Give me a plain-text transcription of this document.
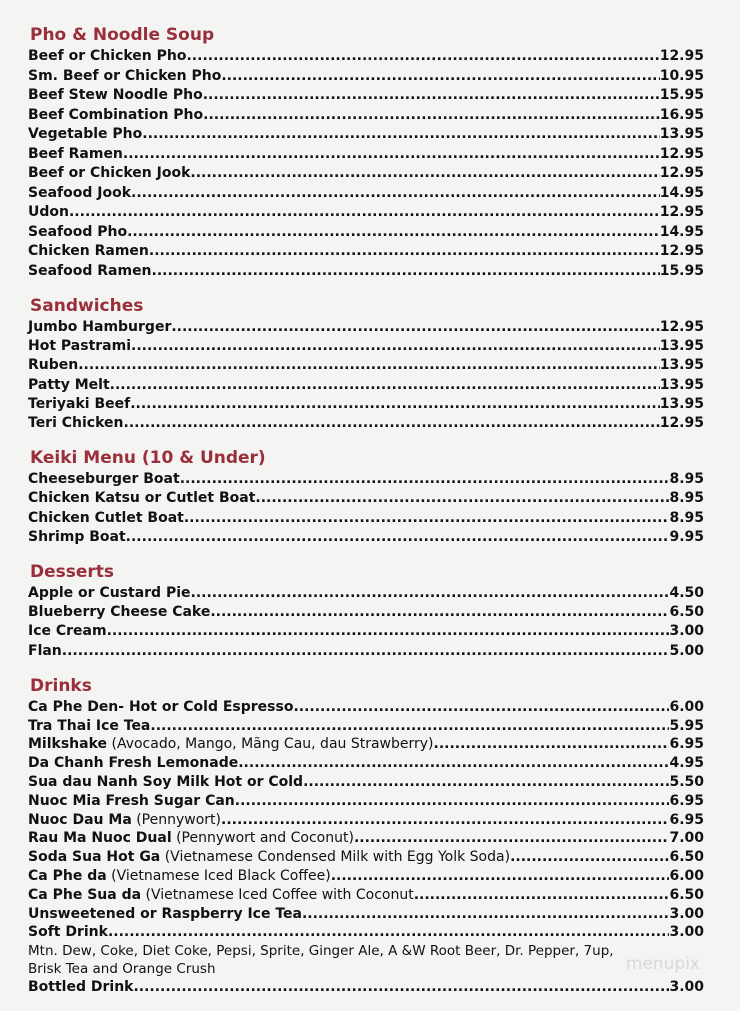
Pho & Noodle Soup
Beef or Chicken Pho .....	12.95
Sm. Beef or Chicken Pho .....	10.95
Beef Stew Noodle Pho .....	15.95
Beef Combination Pho .....	16.95
Vegetable Pho .....	13.95
Beef Ramen .....	12.95
Beef or Chicken Jook .....	12.95
Seafood Jook .....	14.95
Udon .....	12.95
Seafood Pho .....	14.95
Chicken Ramen .....	12.95
Seafood Ramen .....	15.95
Sandwiches
Jumbo Hamburger .....	12.95
Hot Pastrami .....	13.95
Ruben .....	13.95
Patty Melt .....	13.95
Teriyaki Beef .....	13.95
Teri Chicken .....	12.95
Keiki Menu (10 & Under)
Cheeseburger Boat .....	8.95
Chicken Katsu or Cutlet Boat .....	8.95
Chicken Cutlet Boat .....	8.95
Shrimp Boat .....	9.95
Desserts
Apple or Custard Pie .....	4.50
Blueberry Cheese Cake .....	6.50
Ice Cream .....	3.00
Flan .....	5.00
Drinks
Ca Phe Den- Hot or Cold Espresso .....	6.00
Tra Thai Ice Tea .....	5.95
Milkshake (Avocado, Mango, Mãng Cau, dau Strawberry) .....	6.95
Da Chanh Fresh Lemonade .....	4.95
Sua dau Nanh Soy Milk Hot or Cold .....	5.50
Nuoc Mia Fresh Sugar Can .....	6.95
Nuoc Dau Ma (Pennywort) .....	6.95
Rau Ma Nuoc Dual (Pennywort and Coconut) .....	7.00
Soda Sua Hot Ga (Vietnamese Condensed Milk with Egg Yolk Soda) .....	6.50
Ca Phe da (Vietnamese Iced Black Coffee) .....	6.00
Ca Phe Sua da (Vietnamese Iced Coffee with Coconut .....	6.50
Unsweetened or Raspberry Ice Tea .....	3.00
Soft Drink .....	3.00
Mtn. Dew, Coke, Diet Coke, Pepsi, Sprite, Ginger Ale, A &W Root Beer, Dr. Pepper, 7up,
Brisk Tea and Orange Crush
Bottled Drink .....	3.00
menupix
